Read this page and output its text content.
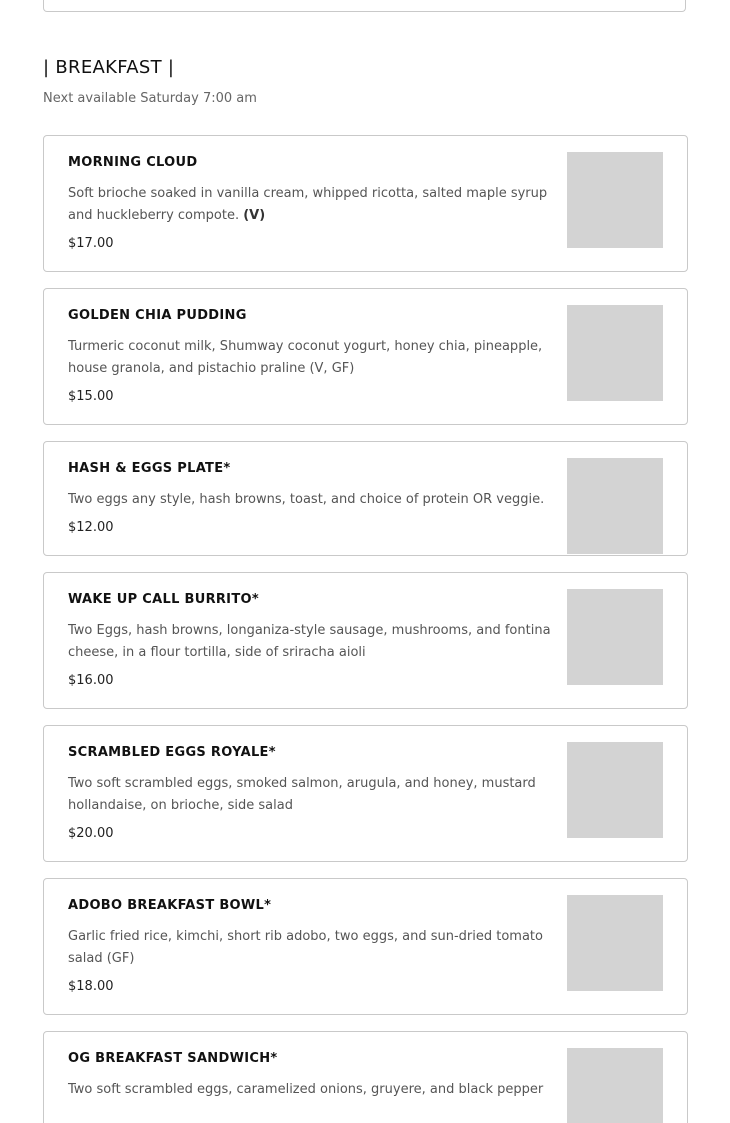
| BREAKFAST |

Next available Saturday 7:00 am

MORNING CLOUD
Soft brioche soaked in vanilla cream, whipped ricotta, salted maple syrup and huckleberry compote. (V)
$17.00
GOLDEN CHIA PUDDING
Turmeric coconut milk, Shumway coconut yogurt, honey chia, pineapple, house granola, and pistachio praline (V, GF)
$15.00
HASH & EGGS PLATE*
Two eggs any style, hash browns, toast, and choice of protein OR veggie.
$12.00
WAKE UP CALL BURRITO*
Two Eggs, hash browns, longaniza-style sausage, mushrooms, and fontina cheese, in a flour tortilla, side of sriracha aioli
$16.00
SCRAMBLED EGGS ROYALE*
Two soft scrambled eggs, smoked salmon, arugula, and honey, mustard hollandaise, on brioche, side salad
$20.00
ADOBO BREAKFAST BOWL*
Garlic fried rice, kimchi, short rib adobo, two eggs, and sun-dried tomato salad (GF)
$18.00
OG BREAKFAST SANDWICH*
Two soft scrambled eggs, caramelized onions, gruyere, and black pepper
